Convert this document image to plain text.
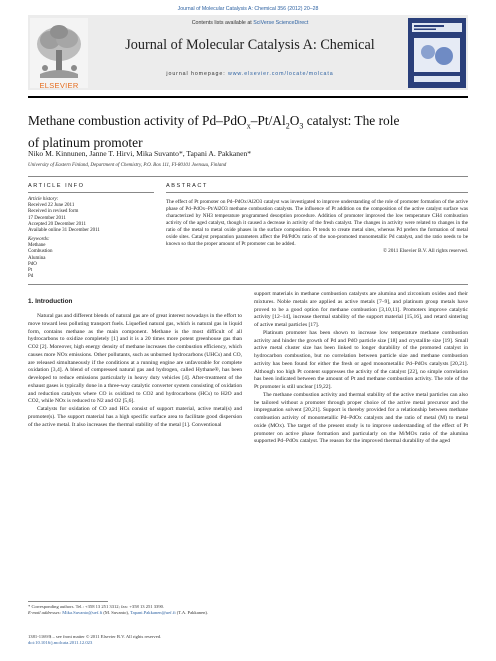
Journal of Molecular Catalysis A: Chemical 356 (2012) 20–28
ELSEVIER
Contents lists available at SciVerse ScienceDirect
Journal of Molecular Catalysis A: Chemical
journal homepage: www.elsevier.com/locate/molcata
Methane combustion activity of $Pd-PdO_x-Pt/Al_2O_3$ catalyst: The role
of platinum promoter
Niko M. Kinnunen, Janne T. Hirvi, Mika Suvanto*, Tapani A. Pakkanen*
University of Eastern Finland, Department of Chemistry, P.O. Box 111, FI-80101 Joensuu, Finland
ARTICLE INFO
Article history:
Received 22 June 2011
Received in revised form
17 December 2011
Accepted 20 December 2011
Available online 31 December 2011
Keywords:
Methane
Combustion
Alumina
PdO
Pt
Pd
ABSTRACT
The effect of Pt promoter on Pd–PdOx/Al2O3 catalyst was investigated to improve understanding of the role of promoter formation of the active phase of Pd–PdOx–Pt/Al2O3 methane combustion catalysts. The influence of Pt addition on the composition of the active catalyst surface was characterized by NH3 temperature programmed desorption procedure. Addition of promoter improved the low temperature CH4 combustion activity of the aged catalyst, though it caused a decrease in activity of the fresh catalyst. The changes in activity were related to changes in the ratio of the metal to metal oxide phases in the surface composition. Pt tends to create metal sites, whereas Pd prefers the formation of metal oxide sites. Catalyst preparation parameters affect the Pd/PdOx ratio of the non-promoted monometallic Pd catalyst, and the ratio needs to be known so that the proper amount of Pt promoter can be added.
© 2011 Elsevier B.V. All rights reserved.
1. Introduction

Natural gas and different blends of natural gas are of great interest nowadays in the effort to move toward less polluting transport fuels. Liquefied natural gas, which is natural gas in liquid form, contains methane as the main component. Methane is the most difficult of all hydrocarbons to oxidize completely [1] and it is a 20 times more potent greenhouse gas than CO2 [2]. Moreover, high energy density of methane increases the combustion efficiency, which causes more NOx emissions. Other pollutants, such as unburned hydrocarbons (UHCs) and CO, are released simultaneously if the conditions at a running engine are unfavorable for complete oxidation [3,4]. A blend of compressed natural gas and hydrogen, called Hythane®, has been developed to reduce emissions particularly in heavy duty vehicles [4]. After-treatment of the exhaust gases is typically done in a three-way catalytic converter system consisting of oxidation and reduction catalysts where CO is oxidized to CO2 and hydrocarbons (HCs) to H2O and CO2, while NOx is reduced to N2 and O2 [5,6].

Catalysts for oxidation of CO and HCs consist of support material, active metal(s) and promoter(s). The support material has a high specific surface area to facilitate good dispersion of the active metal. It also increases the thermal stability of the metal [1]. Conventional

support materials in methane combustion catalysts are alumina and zirconium oxides and their mixtures. Noble metals are applied as active metals [7–9], and platinum group metals have proved to be a good option for methane combustion [3,10,11]. Promoters improve catalytic activity [12–14], increase thermal stability of the support material [15,16], and retard sintering of active metal particles [17].

Platinum promoter has been shown to increase low temperature methane combustion activity and hinder the growth of Pd and PdO particle size [18] and crystallite size [19]. Small active metal cluster size has been linked to longer durability of the promoted catalyst in hydrocarbon combustion, but no correlation between particle size and methane combustion activity has been found for either the fresh or aged monometallic Pd–PdOx catalysts [20,21]. Although too high Pt content suppresses the activity of the catalyst [22], no simple correlation has been indicated between the amount of Pt and methane combustion activity. The role of the Pt promoter is still unclear [19,22].

The methane combustion activity and thermal stability of the active metal particles can also be tailored without a promoter through proper choice of the active metal precursor and the impregnation solvent [20,21]. Support is thereby provided for a relationship between methane combustion activity of monometallic Pd–PdOx catalysts and the ratio of metal (M) to metal oxide (MOx). The target of the present study is to improve understanding of the effect of Pt promoter on active phase formation and particularly on the M/MOx ratio of the alumina supported Pd–PdOx catalyst. The reason for the improved thermal durability of the aged

* Corresponding authors. Tel.: +358 13 251 3312; fax: +358 13 251 3390.
E-mail addresses: Mika.Suvanto@uef.fi (M. Suvanto), Tapani.Pakkanen@uef.fi (T.A. Pakkanen).
1381-1169/$ – see front matter © 2011 Elsevier B.V. All rights reserved.
doi:10.1016/j.molcata.2011.12.023
